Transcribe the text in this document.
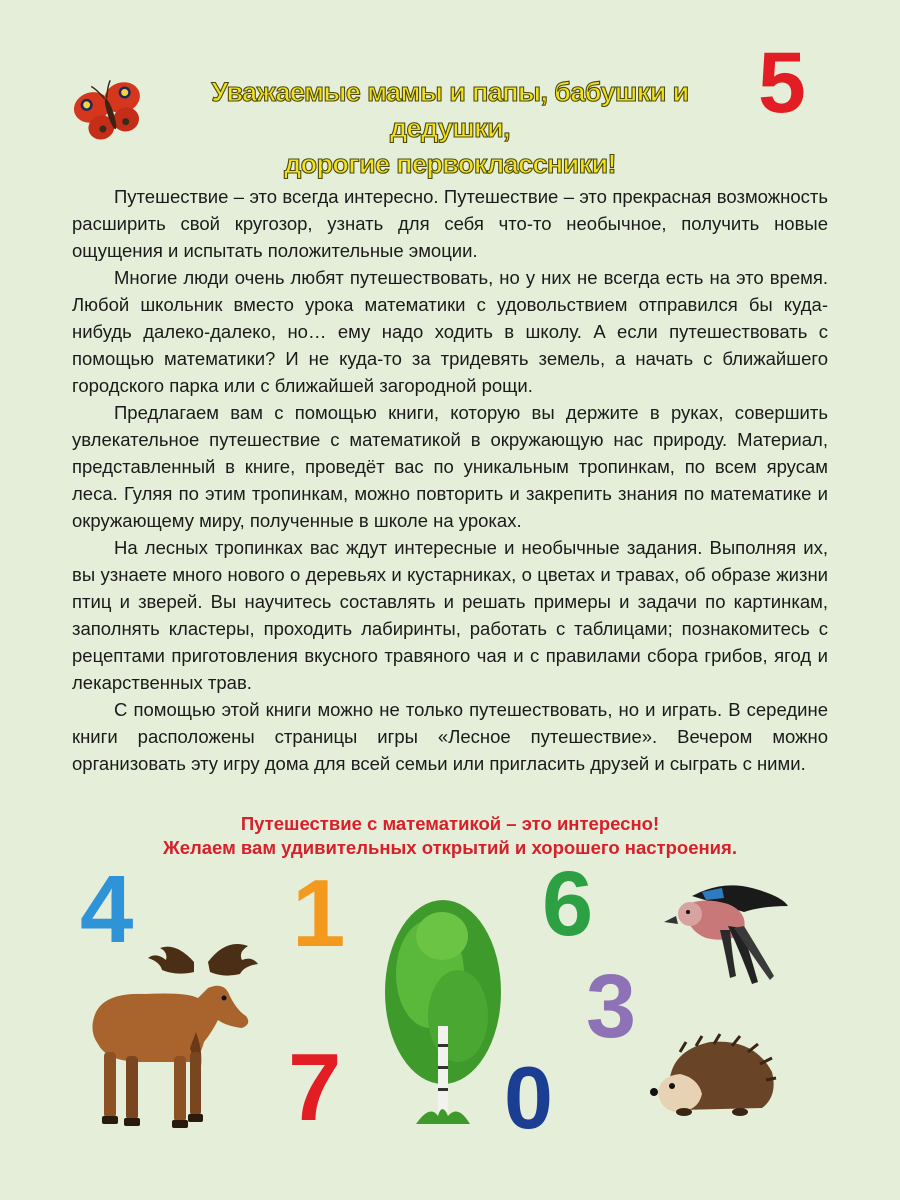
Уважаемые мамы и папы, бабушки и дедушки,
дорогие первоклассники!
5

Путешествие – это всегда интересно. Путешествие – это прекрасная возможность расширить свой кругозор, узнать для себя что-то необычное, получить новые ощущения и испытать положительные эмоции.

Многие люди очень любят путешествовать, но у них не всегда есть на это время. Любой школьник вместо урока математики с удовольствием отправился бы куда-нибудь далеко-далеко, но… ему надо ходить в школу. А если путешествовать с помощью математики? И не куда-то за тридевять земель, а начать с ближайшего городского парка или с ближайшей загородной рощи.

Предлагаем вам с помощью книги, которую вы держите в руках, совершить увлекательное путешествие с математикой в окружающую нас природу. Материал, представленный в книге, проведёт вас по уникальным тропинкам, по всем ярусам леса. Гуляя по этим тропинкам, можно повторить и закрепить знания по математике и окружающему миру, полученные в школе на уроках.

На лесных тропинках вас ждут интересные и необычные задания. Выполняя их, вы узнаете много нового о деревьях и кустарниках, о цветах и травах, об образе жизни птиц и зверей. Вы научитесь составлять и решать примеры и задачи по картинкам, заполнять кластеры, проходить лабиринты, работать с таблицами; познакомитесь с рецептами приготовления вкусного травяного чая и с правилами сбора грибов, ягод и лекарственных трав.

С помощью этой книги можно не только путешествовать, но и играть. В середине книги расположены страницы игры «Лесное путешествие». Вечером можно организовать эту игру дома для всей семьи или пригласить друзей и сыграть с ними.

Путешествие с математикой – это интересно!
Желаем вам удивительных открытий и хорошего настроения.
4 1 6
3
7 0
